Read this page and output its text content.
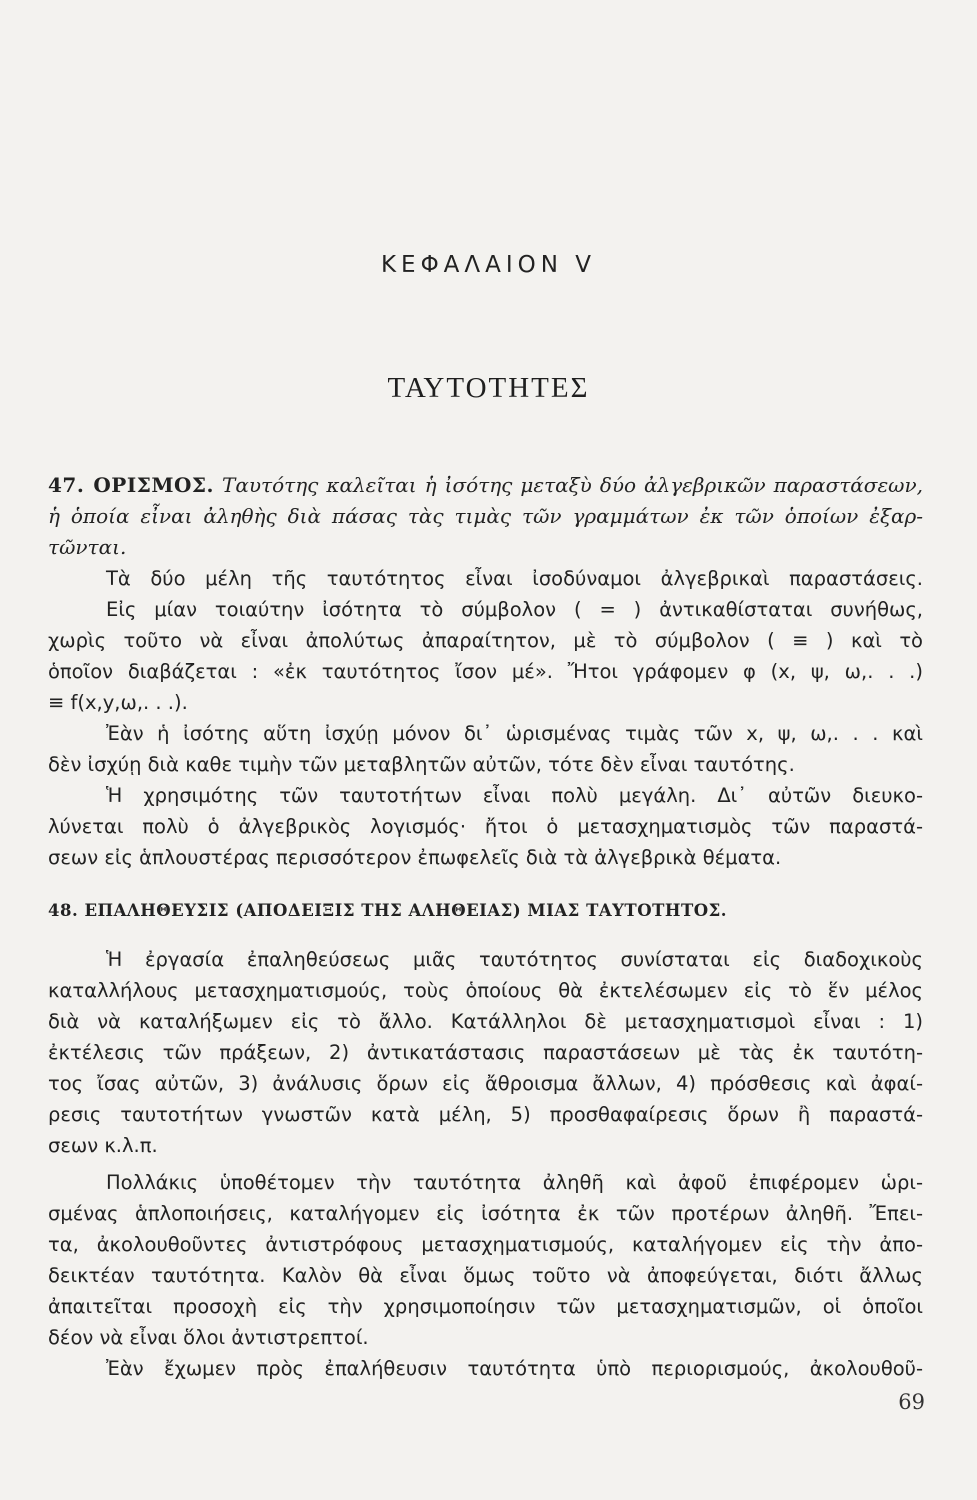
ΚΕΦΑΛΑΙΟΝ V
ΤΑΥΤΟΤΗΤΕΣ
47. ΟΡΙΣΜΟΣ. Ταυτότης καλεῖται ἡ ἰσότης μεταξὺ δύο ἀλγεβρικῶν παραστάσεων,
ἡ ὁποία εἶναι ἀληθὴς διὰ πάσας τὰς τιμὰς τῶν γραμμάτων ἐκ τῶν ὁποίων ἐξαρ-
τῶνται.
Τὰ δύο μέλη τῆς ταυτότητος εἶναι ἰσοδύναμοι ἀλγεβρικαὶ παραστάσεις.
Εἰς μίαν τοιαύτην ἰσότητα τὸ σύμβολον ( = ) ἀντικαθίσταται συνήθως,
χωρὶς τοῦτο νὰ εἶναι ἀπολύτως ἀπαραίτητον, μὲ τὸ σύμβολον ( ≡ ) καὶ τὸ
ὁποῖον διαβάζεται : «ἐκ ταυτότητος ἴσον μέ». Ἤτοι γράφομεν φ (x, ψ, ω,. . .)
≡ f(x,y,ω,. . .).
Ἐὰν ἡ ἰσότης αὕτη ἰσχύῃ μόνον δι᾽ ὡρισμένας τιμὰς τῶν x, ψ, ω,. . . καὶ
δὲν ἰσχύῃ διὰ καθε τιμὴν τῶν μεταβλητῶν αὐτῶν, τότε δὲν εἶναι ταυτότης.
Ἡ χρησιμότης τῶν ταυτοτήτων εἶναι πολὺ μεγάλη. Δι᾽ αὐτῶν διευκο-
λύνεται πολὺ ὁ ἀλγεβρικὸς λογισμός· ἤτοι ὁ μετασχηματισμὸς τῶν παραστά-
σεων εἰς ἁπλουστέρας περισσότερον ἐπωφελεῖς διὰ τὰ ἀλγεβρικὰ θέματα.
48. ΕΠΑΛΗΘΕΥΣΙΣ (ΑΠΟΔΕΙΞΙΣ ΤΗΣ ΑΛΗΘΕΙΑΣ) ΜΙΑΣ ΤΑΥΤΟΤΗΤΟΣ.
Ἡ ἐργασία ἐπαληθεύσεως μιᾶς ταυτότητος συνίσταται εἰς διαδοχικοὺς
καταλλήλους μετασχηματισμούς, τοὺς ὁποίους θὰ ἐκτελέσωμεν εἰς τὸ ἕν μέλος
διὰ νὰ καταλήξωμεν εἰς τὸ ἄλλο. Κατάλληλοι δὲ μετασχηματισμοὶ εἶναι : 1)
ἐκτέλεσις τῶν πράξεων, 2) ἀντικατάστασις παραστάσεων μὲ τὰς ἐκ ταυτότη-
τος ἴσας αὐτῶν, 3) ἀνάλυσις ὅρων εἰς ἄθροισμα ἄλλων, 4) πρόσθεσις καὶ ἀφαί-
ρεσις ταυτοτήτων γνωστῶν κατὰ μέλη, 5) προσθαφαίρεσις ὅρων ἢ παραστά-
σεων κ.λ.π.
Πολλάκις ὑποθέτομεν τὴν ταυτότητα ἀληθῆ καὶ ἀφοῦ ἐπιφέρομεν ὡρι-
σμένας ἁπλοποιήσεις, καταλήγομεν εἰς ἰσότητα ἐκ τῶν προτέρων ἀληθῆ. Ἔπει-
τα, ἀκολουθοῦντες ἀντιστρόφους μετασχηματισμούς, καταλήγομεν εἰς τὴν ἀπο-
δεικτέαν ταυτότητα. Καλὸν θὰ εἶναι ὅμως τοῦτο νὰ ἀποφεύγεται, διότι ἄλλως
ἀπαιτεῖται προσοχὴ εἰς τὴν χρησιμοποίησιν τῶν μετασχηματισμῶν, οἱ ὁποῖοι
δέον νὰ εἶναι ὅλοι ἀντιστρεπτοί.
Ἐὰν ἔχωμεν πρὸς ἐπαλήθευσιν ταυτότητα ὑπὸ περιορισμούς, ἀκολουθοῦ-
69
